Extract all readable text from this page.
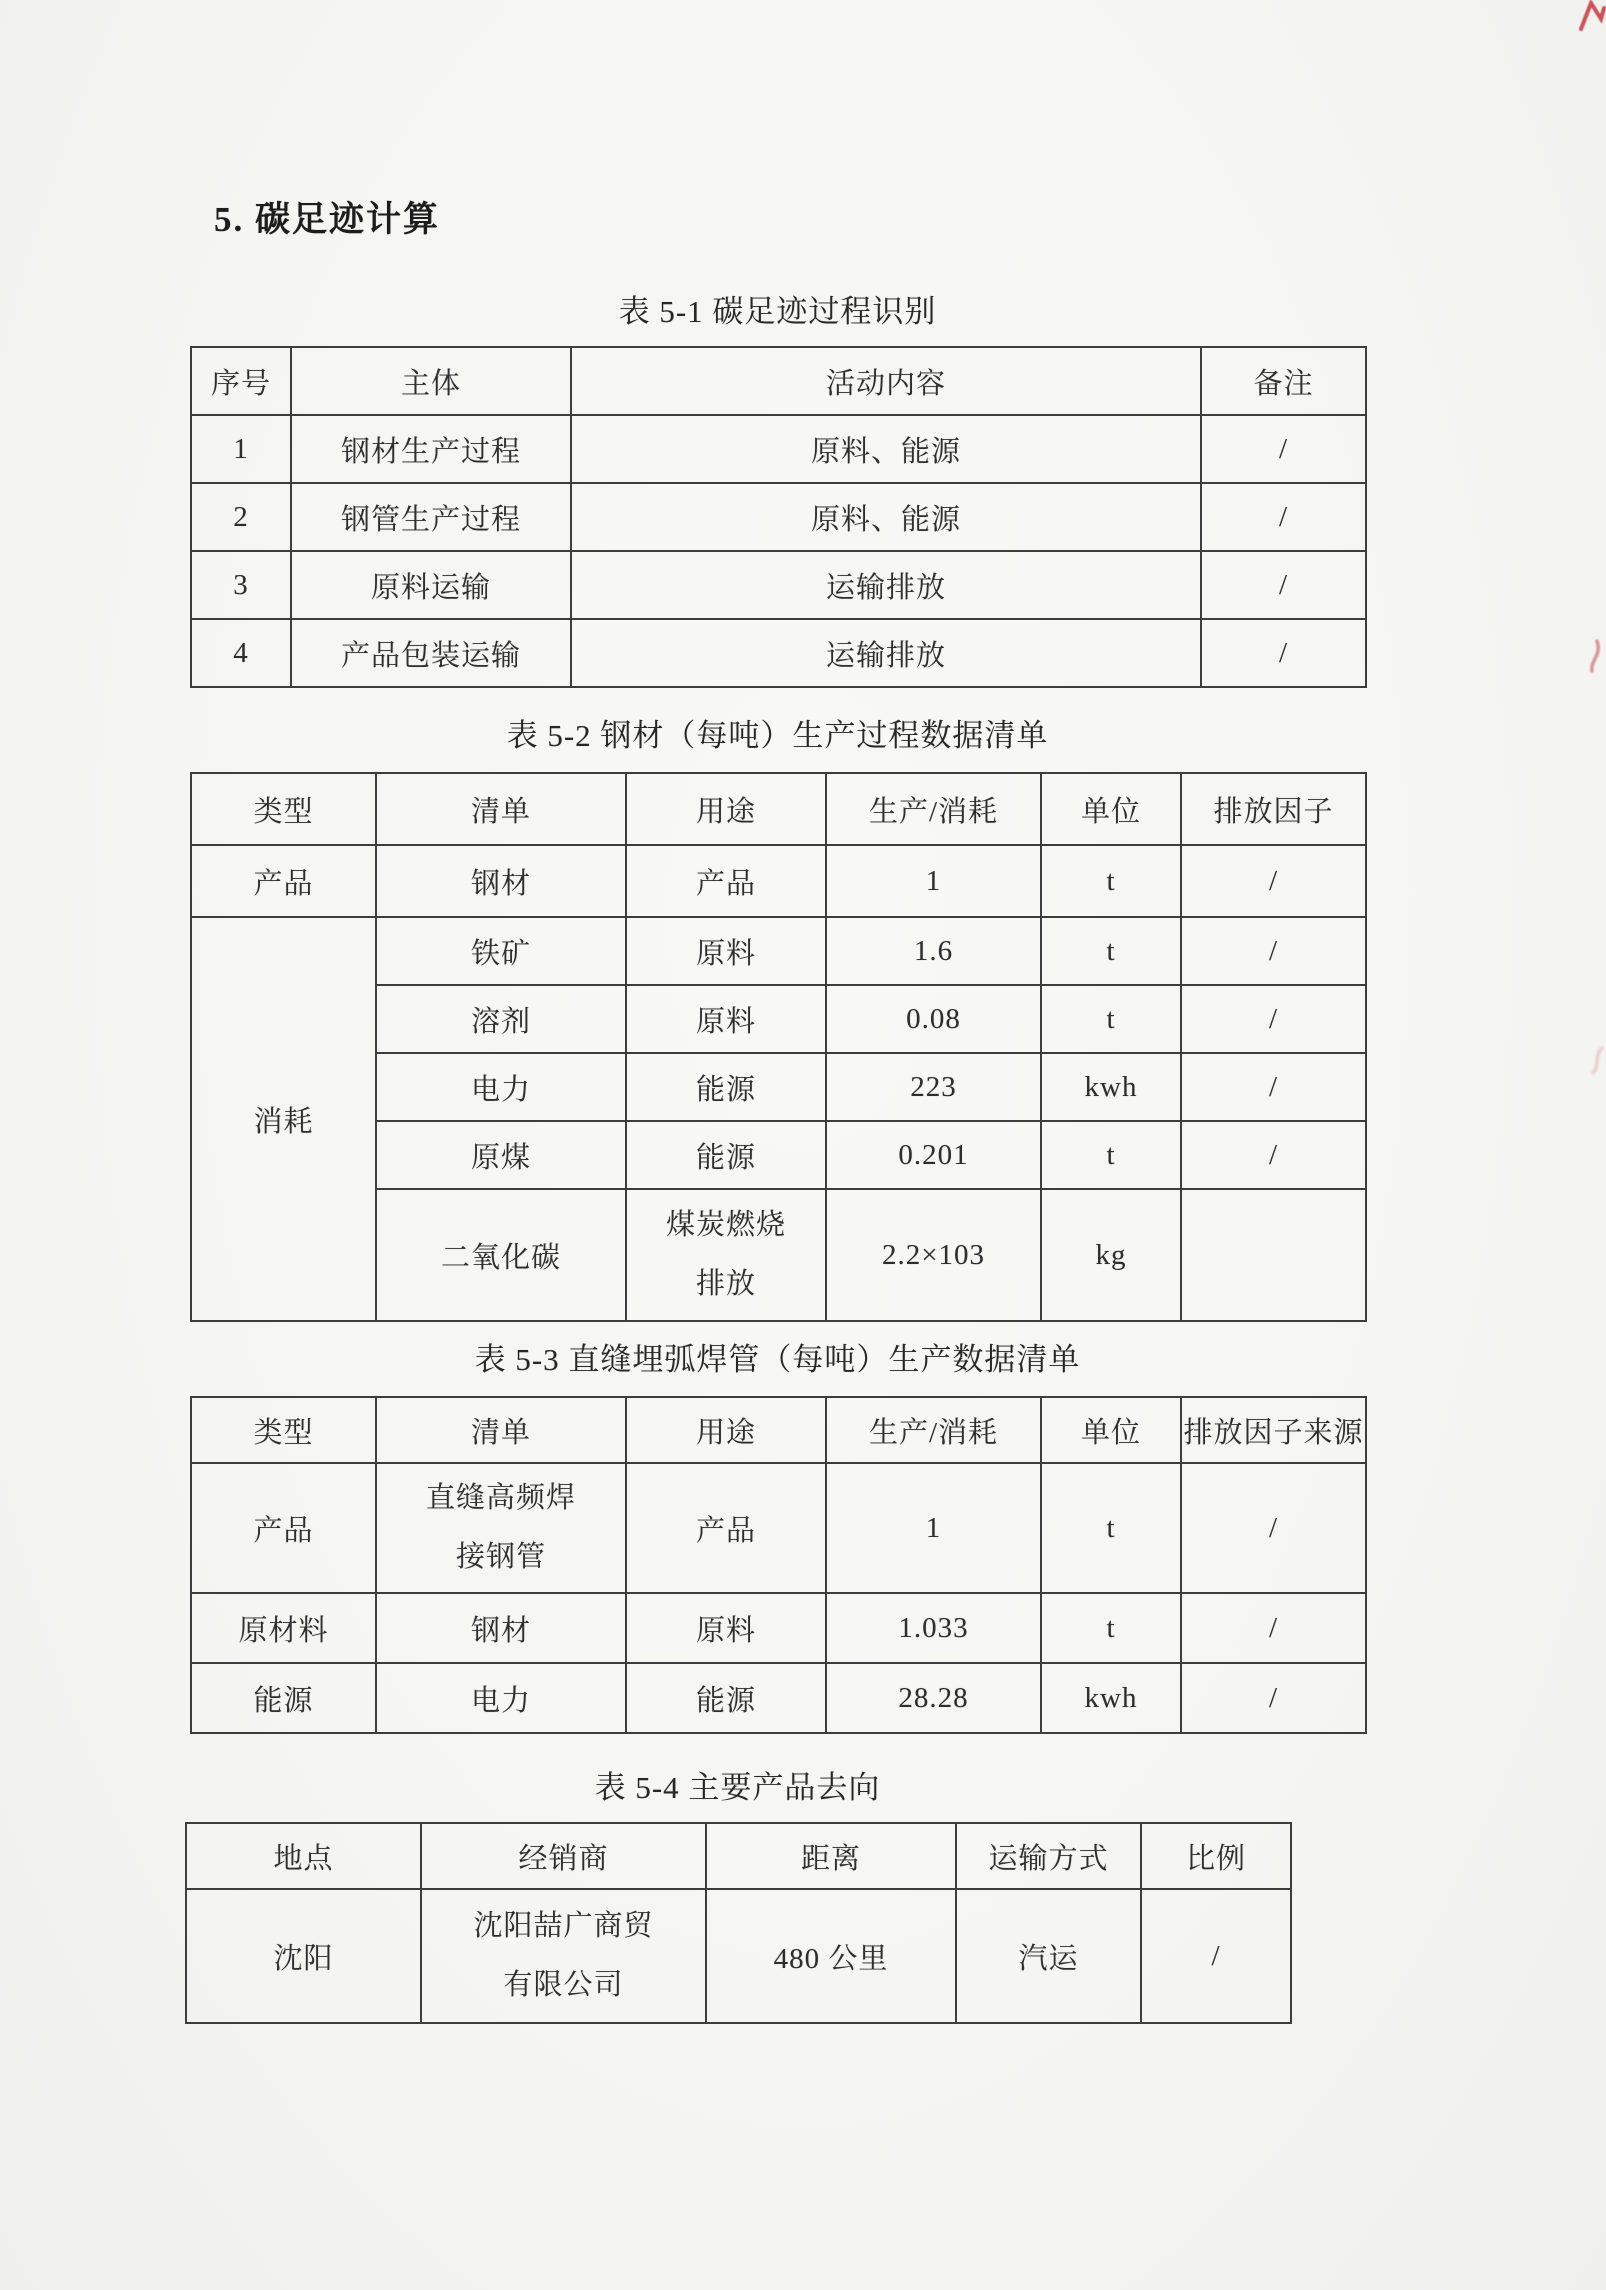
5. 碳足迹计算
表 5-1 碳足迹过程识别
序号	主体	活动内容	备注
1	钢材生产过程	原料、能源	/
2	钢管生产过程	原料、能源	/
3	原料运输	运输排放	/
4	产品包装运输	运输排放	/
表 5-2 钢材（每吨）生产过程数据清单
类型	清单	用途	生产/消耗	单位	排放因子
产品	钢材	产品	1	t	/
消耗	铁矿	原料	1.6	t	/
	溶剂	原料	0.08	t	/
	电力	能源	223	kwh	/
	原煤	能源	0.201	t	/
	二氧化碳	煤炭燃烧排放	2.2×103	kg	
表 5-3 直缝埋弧焊管（每吨）生产数据清单
类型	清单	用途	生产/消耗	单位	排放因子来源
产品	直缝高频焊接钢管	产品	1	t	/
原材料	钢材	原料	1.033	t	/
能源	电力	能源	28.28	kwh	/
表 5-4 主要产品去向
地点	经销商	距离	运输方式	比例
沈阳	沈阳喆广商贸有限公司	480 公里	汽运	/
